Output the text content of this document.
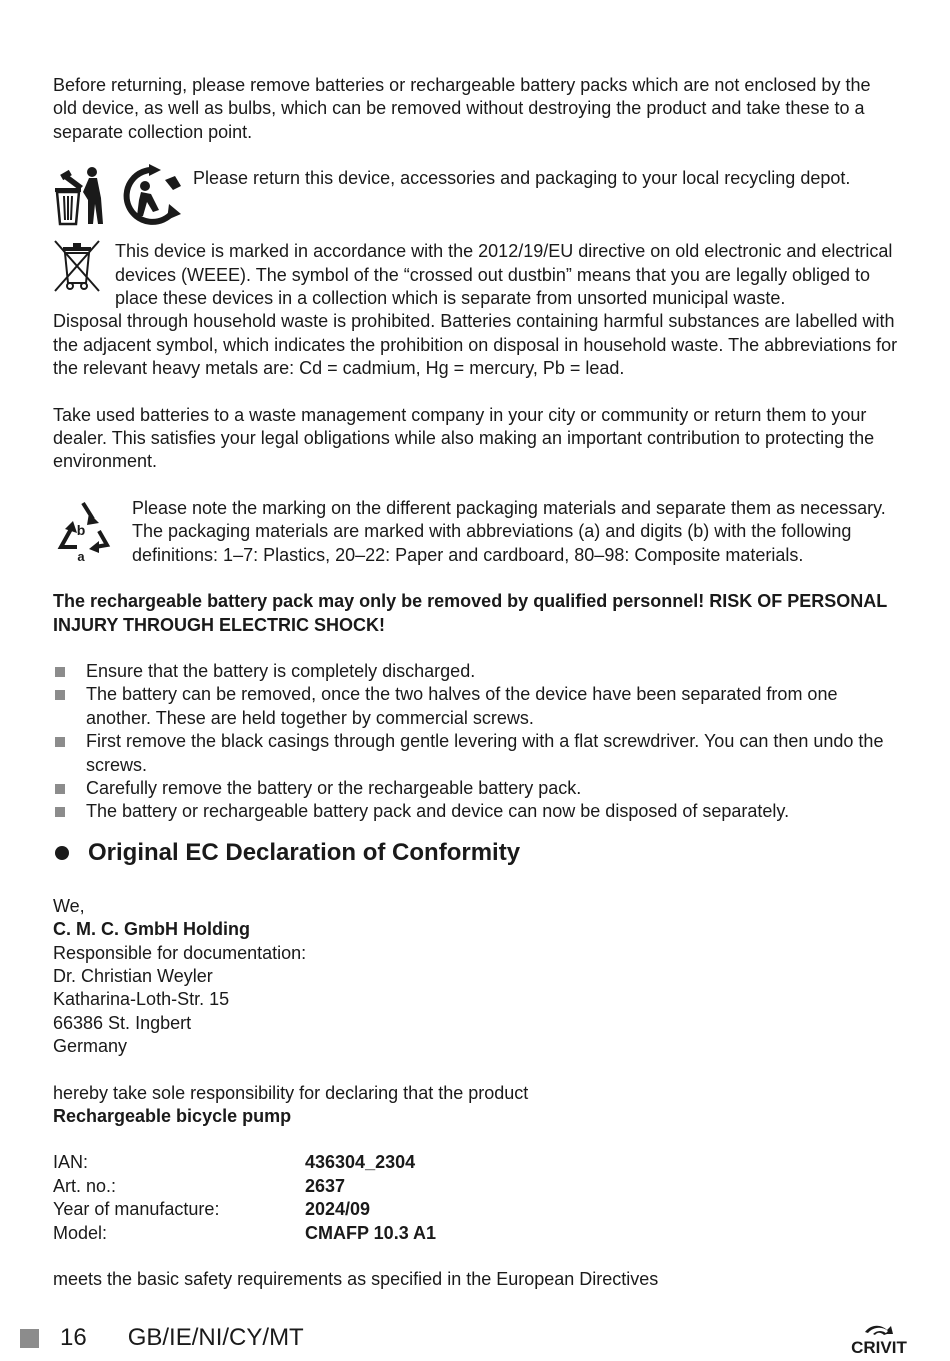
Before returning, please remove batteries or rechargeable battery packs which are not enclosed by the old device, as well as bulbs, which can be removed without destroying the product and take these to a separate collection point.

Please return this device, accessories and packaging to your local recycling depot.

This device is marked in accordance with the 2012/19/EU directive on old electronic and electrical devices (WEEE). The symbol of the “crossed out dustbin” means that you are legally obliged to place these devices in a collection which is separate from unsorted municipal waste.

Disposal through household waste is prohibited. Batteries containing harmful substances are labelled with the adjacent symbol, which indicates the prohibition on disposal in household waste. The abbreviations for the relevant heavy metals are: Cd = cadmium, Hg = mercury, Pb = lead.

Take used batteries to a waste management company in your city or community or return them to your dealer. This satisfies your legal obligations while also making an important contribution to protecting the environment.

b
a

Please note the marking on the different packaging materials and separate them as necessary. The packaging materials are marked with abbreviations (a) and digits (b) with the following definitions: 1–7: Plastics, 20–22: Paper and cardboard, 80–98: Composite materials.

The rechargeable battery pack may only be removed by qualified personnel! RISK OF PERSONAL INJURY THROUGH ELECTRIC SHOCK!

Ensure that the battery is completely discharged.
The battery can be removed, once the two halves of the device have been separated from one another. These are held together by commercial screws.
First remove the black casings through gentle levering with a flat screwdriver. You can then undo the screws.
Carefully remove the battery or the rechargeable battery pack.
The battery or rechargeable battery pack and device can now be disposed of separately.
Original EC Declaration of Conformity

We,

C. M. C. GmbH Holding

Responsible for documentation:

Dr. Christian Weyler

Katharina-Loth-Str. 15

66386 St. Ingbert

Germany

hereby take sole responsibility for declaring that the product

Rechargeable bicycle pump

IAN:	436304_2304
Art. no.:	2637
Year of manufacture:	2024/09
Model:	CMAFP 10.3 A1

meets the basic safety requirements as specified in the European Directives

16 GB/IE/NI/CY/MT	CRIVIT
